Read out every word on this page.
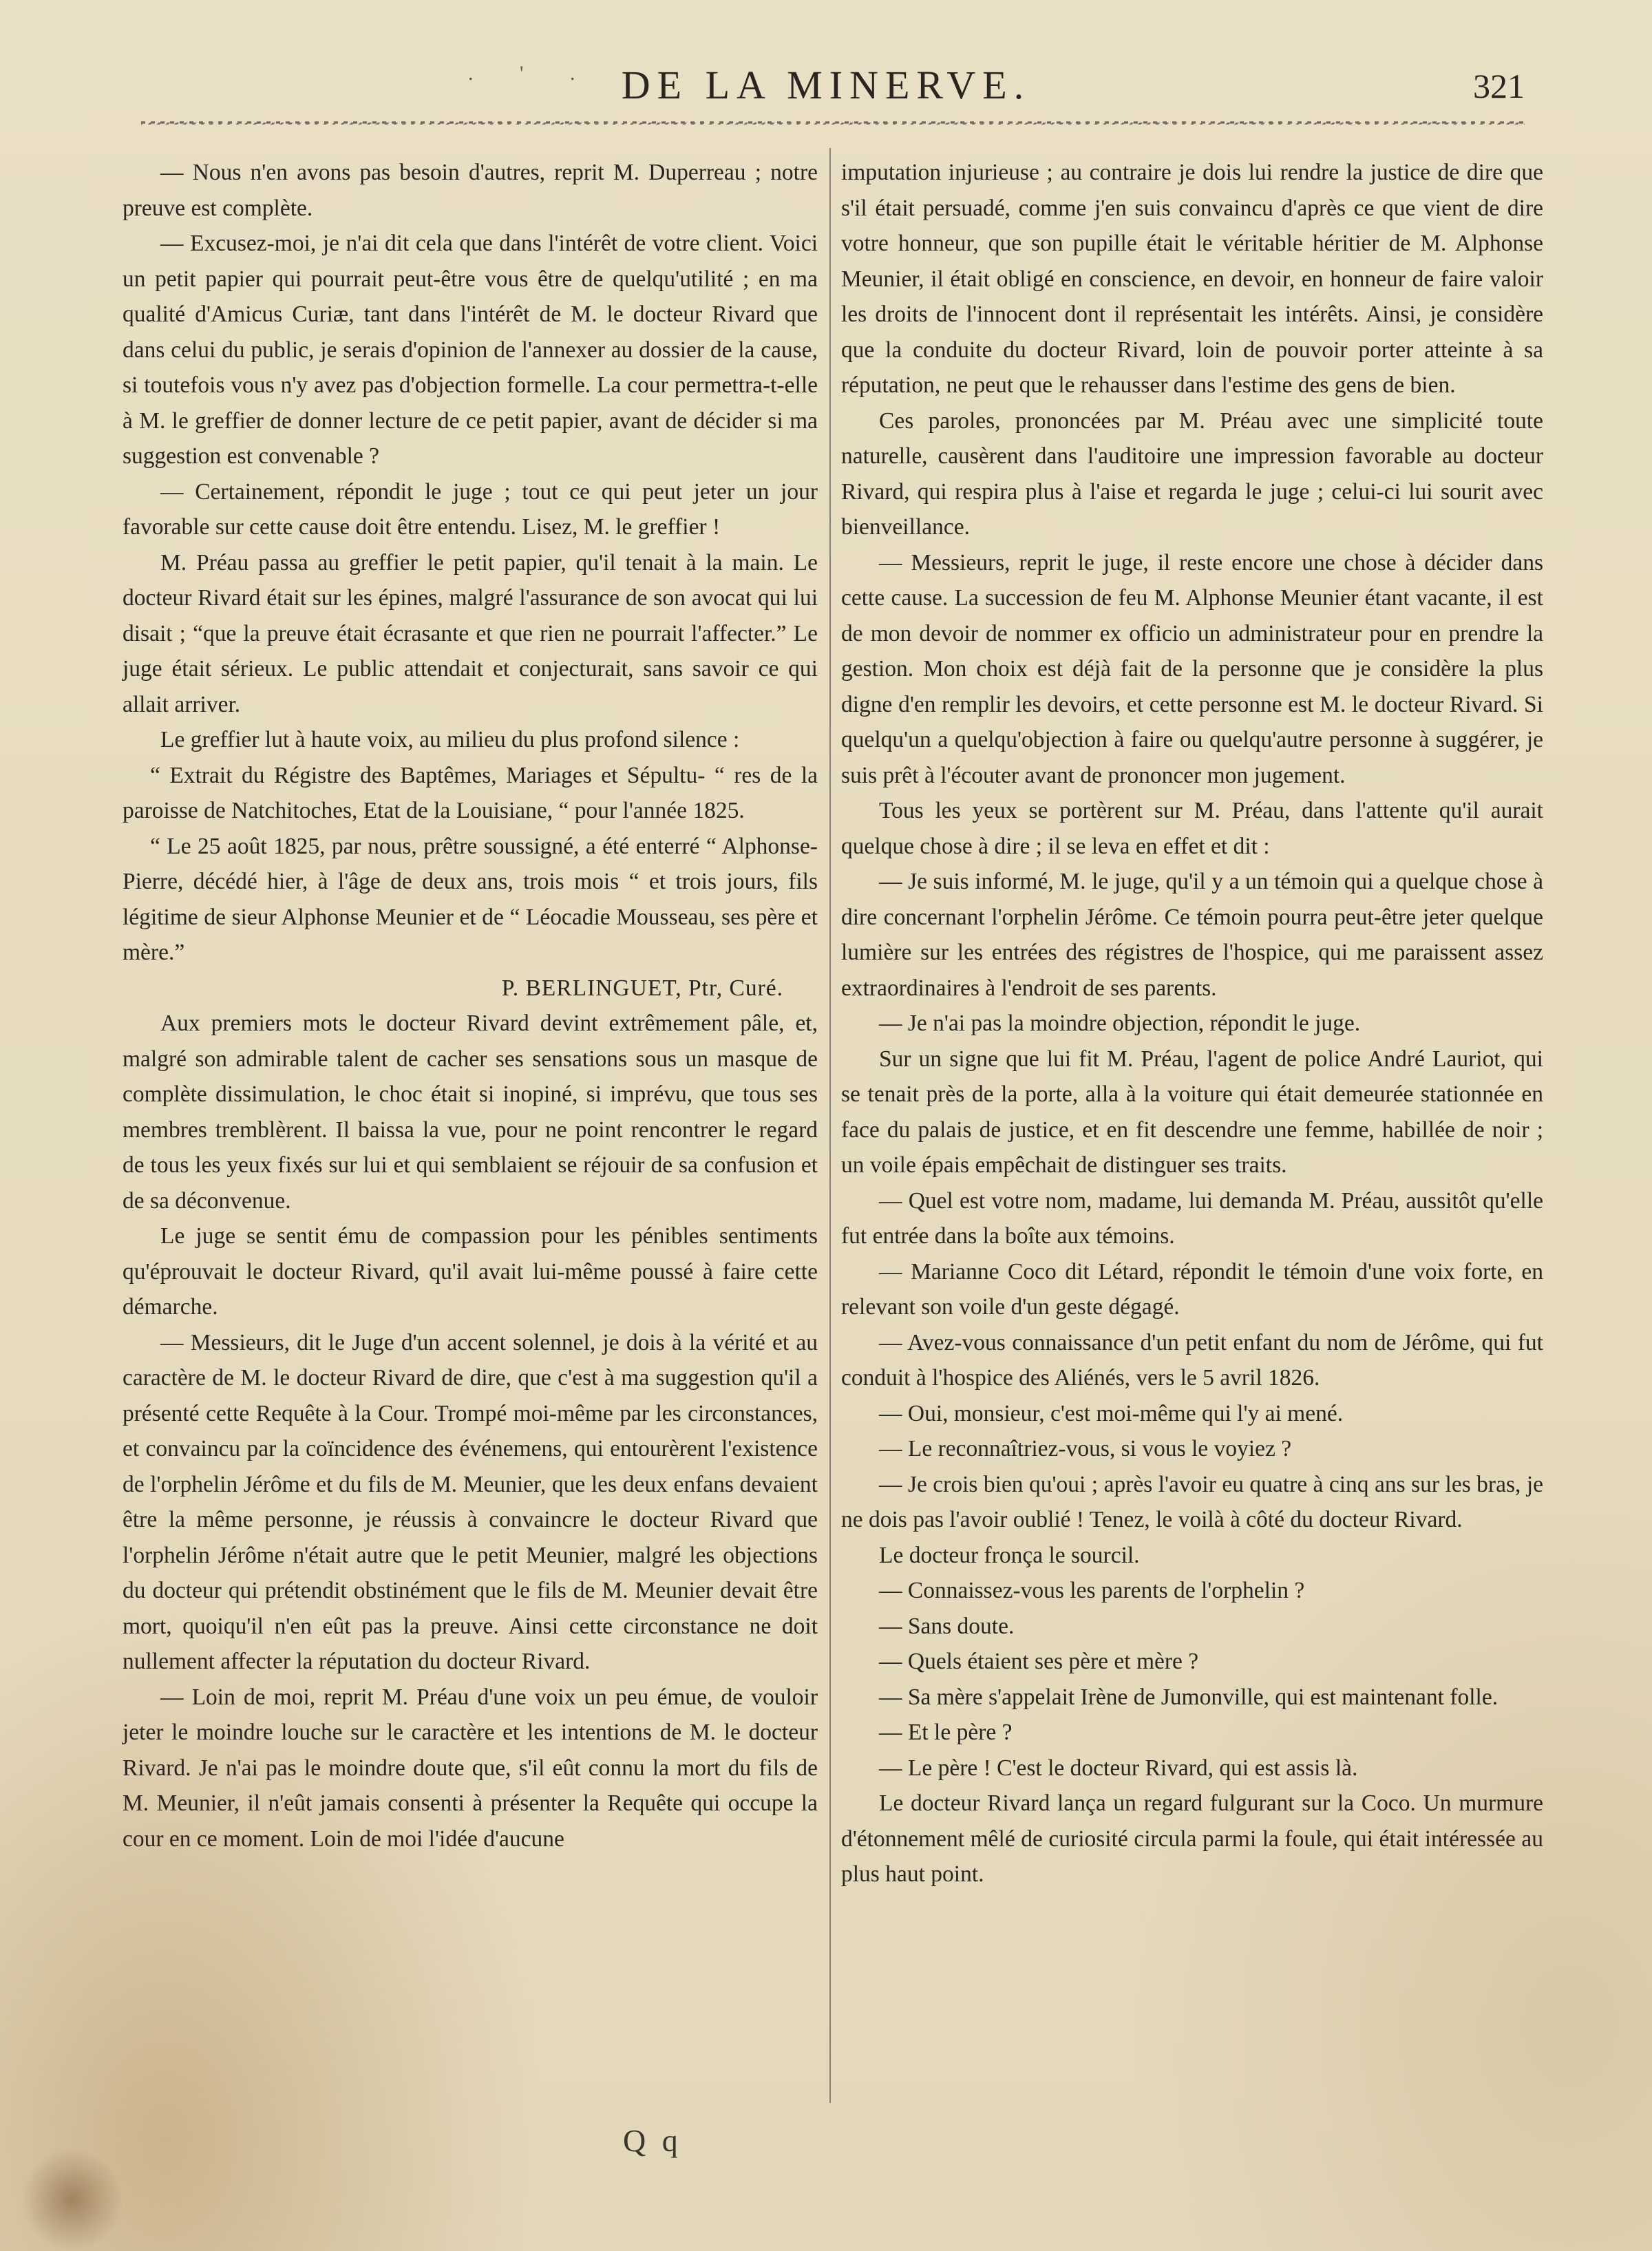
. ' . DE LA MINERVE.	321

— Nous n'en avons pas besoin d'autres, reprit M. Duperreau ; notre preuve est complète.

— Excusez-moi, je n'ai dit cela que dans l'intérêt de votre client. Voici un petit papier qui pourrait peut-être vous être de quelqu'utilité ; en ma qualité d'Amicus Curiæ, tant dans l'intérêt de M. le docteur Rivard que dans celui du public, je serais d'opinion de l'annexer au dossier de la cause, si toutefois vous n'y avez pas d'objection formelle. La cour permettra-t-elle à M. le greffier de donner lecture de ce petit papier, avant de décider si ma suggestion est convenable ?

— Certainement, répondit le juge ; tout ce qui peut jeter un jour favorable sur cette cause doit être entendu. Lisez, M. le greffier !

M. Préau passa au greffier le petit papier, qu'il tenait à la main. Le docteur Rivard était sur les épines, malgré l'assurance de son avocat qui lui disait ; “que la preuve était écrasante et que rien ne pourrait l'affecter.” Le juge était sérieux. Le public attendait et conjecturait, sans savoir ce qui allait arriver.

Le greffier lut à haute voix, au milieu du plus profond silence :

“ Extrait du Régistre des Baptêmes, Mariages et Sépultu- “ res de la paroisse de Natchitoches, Etat de la Louisiane, “ pour l'année 1825.

“ Le 25 août 1825, par nous, prêtre soussigné, a été enterré “ Alphonse-Pierre, décédé hier, à l'âge de deux ans, trois mois “ et trois jours, fils légitime de sieur Alphonse Meunier et de “ Léocadie Mousseau, ses père et mère.”

P. BERLINGUET, Ptr, Curé.

Aux premiers mots le docteur Rivard devint extrêmement pâle, et, malgré son admirable talent de cacher ses sensations sous un masque de complète dissimulation, le choc était si inopiné, si imprévu, que tous ses membres tremblèrent. Il baissa la vue, pour ne point rencontrer le regard de tous les yeux fixés sur lui et qui semblaient se réjouir de sa confusion et de sa déconvenue.

Le juge se sentit ému de compassion pour les pénibles sentiments qu'éprouvait le docteur Rivard, qu'il avait lui-même poussé à faire cette démarche.

— Messieurs, dit le Juge d'un accent solennel, je dois à la vérité et au caractère de M. le docteur Rivard de dire, que c'est à ma suggestion qu'il a présenté cette Requête à la Cour. Trompé moi-même par les circonstances, et convaincu par la coïncidence des événemens, qui entourèrent l'existence de l'orphelin Jérôme et du fils de M. Meunier, que les deux enfans devaient être la même personne, je réussis à convaincre le docteur Rivard que l'orphelin Jérôme n'était autre que le petit Meunier, malgré les objections du docteur qui prétendit obstinément que le fils de M. Meunier devait être mort, quoiqu'il n'en eût pas la preuve. Ainsi cette circonstance ne doit nullement affecter la réputation du docteur Rivard.

— Loin de moi, reprit M. Préau d'une voix un peu émue, de vouloir jeter le moindre louche sur le caractère et les intentions de M. le docteur Rivard. Je n'ai pas le moindre doute que, s'il eût connu la mort du fils de M. Meunier, il n'eût jamais consenti à présenter la Requête qui occupe la cour en ce moment. Loin de moi l'idée d'aucune

imputation injurieuse ; au contraire je dois lui rendre la justice de dire que s'il était persuadé, comme j'en suis convaincu d'après ce que vient de dire votre honneur, que son pupille était le véritable héritier de M. Alphonse Meunier, il était obligé en conscience, en devoir, en honneur de faire valoir les droits de l'innocent dont il représentait les intérêts. Ainsi, je considère que la conduite du docteur Rivard, loin de pouvoir porter atteinte à sa réputation, ne peut que le rehausser dans l'estime des gens de bien.

Ces paroles, prononcées par M. Préau avec une simplicité toute naturelle, causèrent dans l'auditoire une impression favorable au docteur Rivard, qui respira plus à l'aise et regarda le juge ; celui-ci lui sourit avec bienveillance.

— Messieurs, reprit le juge, il reste encore une chose à décider dans cette cause. La succession de feu M. Alphonse Meunier étant vacante, il est de mon devoir de nommer ex officio un administrateur pour en prendre la gestion. Mon choix est déjà fait de la personne que je considère la plus digne d'en remplir les devoirs, et cette personne est M. le docteur Rivard. Si quelqu'un a quelqu'objection à faire ou quelqu'autre personne à suggérer, je suis prêt à l'écouter avant de prononcer mon jugement.

Tous les yeux se portèrent sur M. Préau, dans l'attente qu'il aurait quelque chose à dire ; il se leva en effet et dit :

— Je suis informé, M. le juge, qu'il y a un témoin qui a quelque chose à dire concernant l'orphelin Jérôme. Ce témoin pourra peut-être jeter quelque lumière sur les entrées des régistres de l'hospice, qui me paraissent assez extraordinaires à l'endroit de ses parents.

— Je n'ai pas la moindre objection, répondit le juge.

Sur un signe que lui fit M. Préau, l'agent de police André Lauriot, qui se tenait près de la porte, alla à la voiture qui était demeurée stationnée en face du palais de justice, et en fit descendre une femme, habillée de noir ; un voile épais empêchait de distinguer ses traits.

— Quel est votre nom, madame, lui demanda M. Préau, aussitôt qu'elle fut entrée dans la boîte aux témoins.

— Marianne Coco dit Létard, répondit le témoin d'une voix forte, en relevant son voile d'un geste dégagé.

— Avez-vous connaissance d'un petit enfant du nom de Jérôme, qui fut conduit à l'hospice des Aliénés, vers le 5 avril 1826.

— Oui, monsieur, c'est moi-même qui l'y ai mené.

— Le reconnaîtriez-vous, si vous le voyiez ?

— Je crois bien qu'oui ; après l'avoir eu quatre à cinq ans sur les bras, je ne dois pas l'avoir oublié ! Tenez, le voilà à côté du docteur Rivard.

Le docteur fronça le sourcil.

— Connaissez-vous les parents de l'orphelin ?

— Sans doute.

— Quels étaient ses père et mère ?

— Sa mère s'appelait Irène de Jumonville, qui est maintenant folle.

— Et le père ?

— Le père ! C'est le docteur Rivard, qui est assis là.

Le docteur Rivard lança un regard fulgurant sur la Coco. Un murmure d'étonnement mêlé de curiosité circula parmi la foule, qui était intéressée au plus haut point.

Q q
